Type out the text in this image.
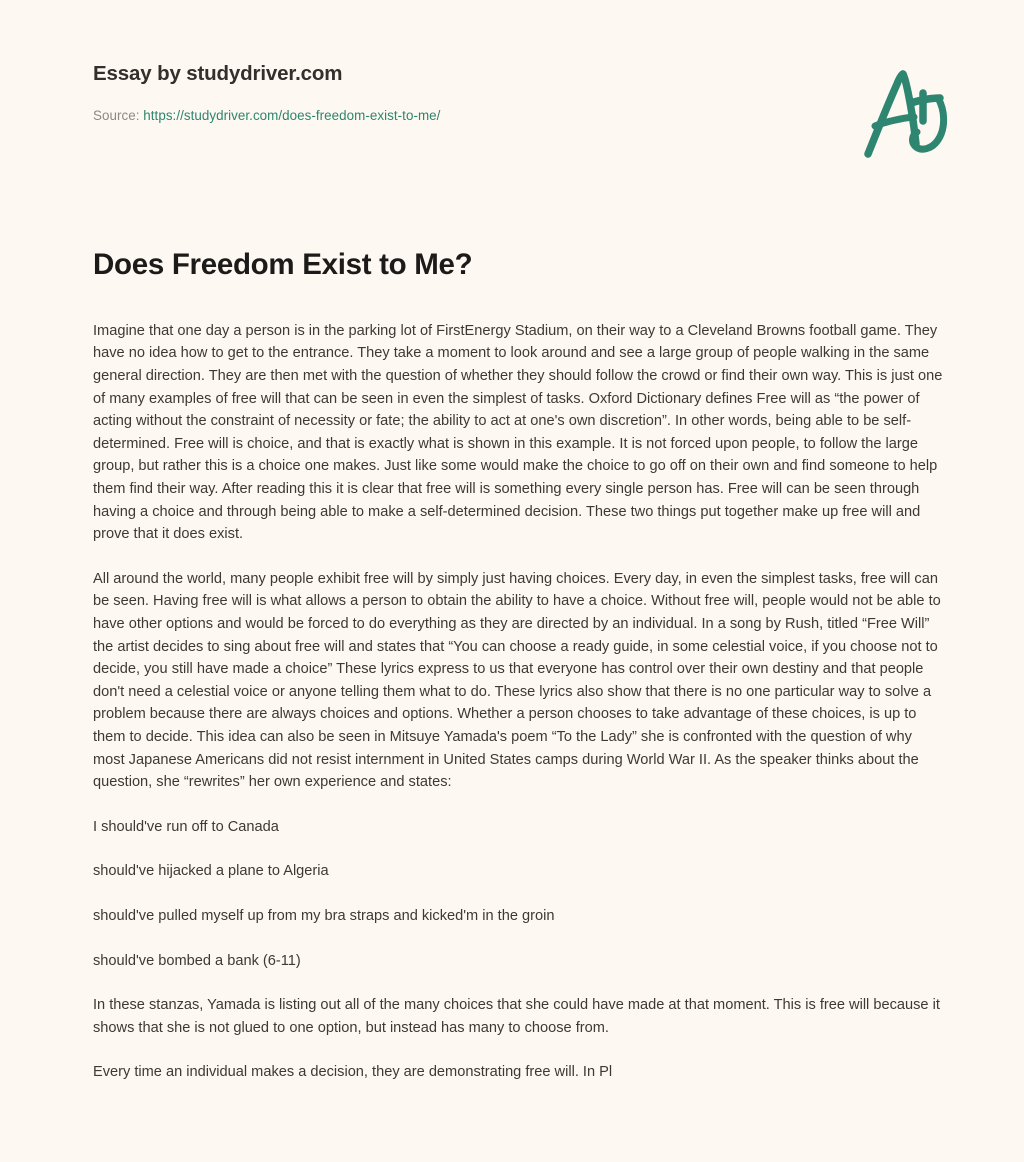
Essay by studydriver.com
Source: https://studydriver.com/does-freedom-exist-to-me/
Does Freedom Exist to Me?

Imagine that one day a person is in the parking lot of FirstEnergy Stadium, on their way to a Cleveland Browns football game. They have no idea how to get to the entrance. They take a moment to look around and see a large group of people walking in the same general direction. They are then met with the question of whether they should follow the crowd or find their own way. This is just one of many examples of free will that can be seen in even the simplest of tasks. Oxford Dictionary defines Free will as “the power of acting without the constraint of necessity or fate; the ability to act at one's own discretion”. In other words, being able to be self-determined. Free will is choice, and that is exactly what is shown in this example. It is not forced upon people, to follow the large group, but rather this is a choice one makes. Just like some would make the choice to go off on their own and find someone to help them find their way. After reading this it is clear that free will is something every single person has. Free will can be seen through having a choice and through being able to make a self-determined decision. These two things put together make up free will and prove that it does exist.

All around the world, many people exhibit free will by simply just having choices. Every day, in even the simplest tasks, free will can be seen. Having free will is what allows a person to obtain the ability to have a choice. Without free will, people would not be able to have other options and would be forced to do everything as they are directed by an individual. In a song by Rush, titled “Free Will” the artist decides to sing about free will and states that “You can choose a ready guide, in some celestial voice, if you choose not to decide, you still have made a choice” These lyrics express to us that everyone has control over their own destiny and that people don't need a celestial voice or anyone telling them what to do. These lyrics also show that there is no one particular way to solve a problem because there are always choices and options. Whether a person chooses to take advantage of these choices, is up to them to decide. This idea can also be seen in Mitsuye Yamada's poem “To the Lady” she is confronted with the question of why most Japanese Americans did not resist internment in United States camps during World War II. As the speaker thinks about the question, she “rewrites” her own experience and states:

I should've run off to Canada

should've hijacked a plane to Algeria

should've pulled myself up from my bra straps and kicked'm in the groin

should've bombed a bank (6-11)

In these stanzas, Yamada is listing out all of the many choices that she could have made at that moment. This is free will because it shows that she is not glued to one option, but instead has many to choose from.

Every time an individual makes a decision, they are demonstrating free will. In Pl
